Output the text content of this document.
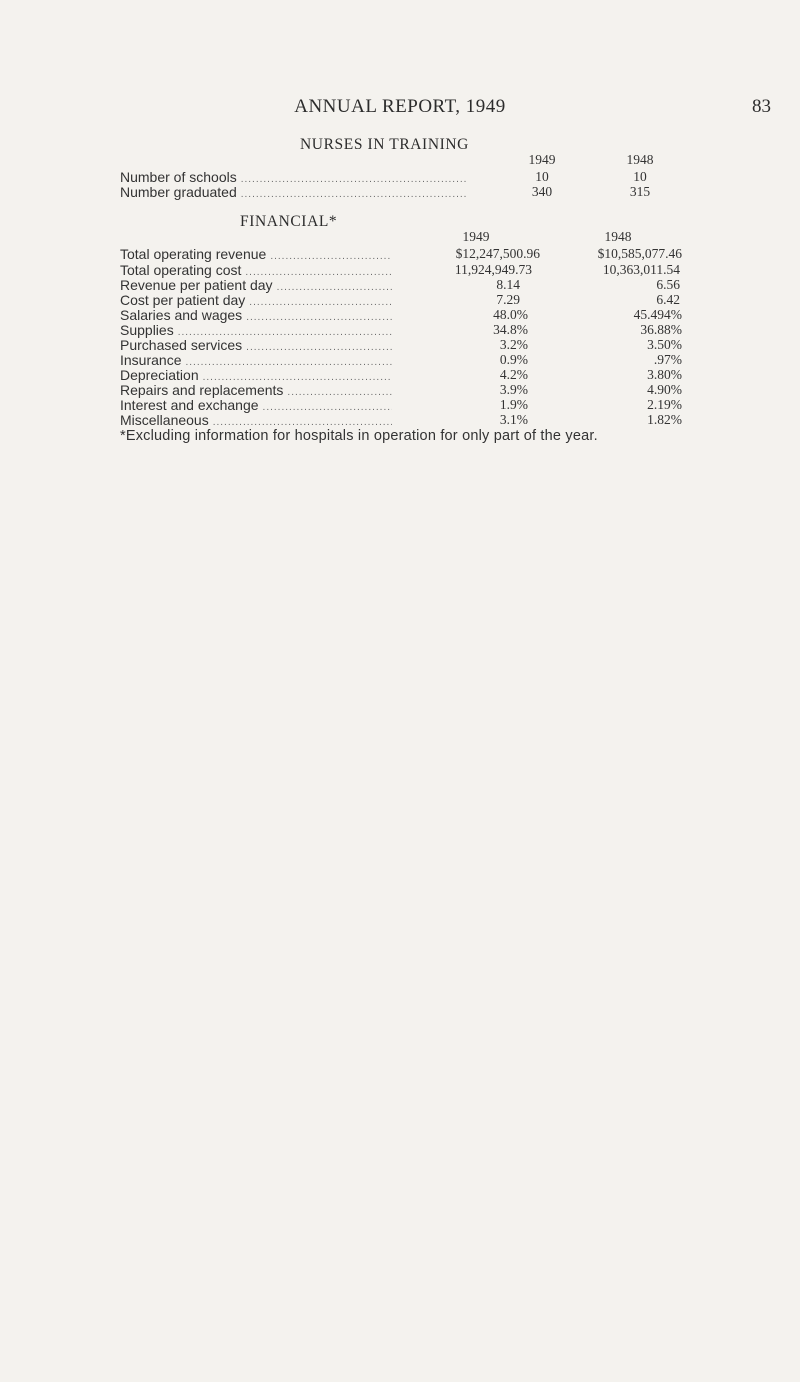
ANNUAL REPORT, 1949	83
NURSES IN TRAINING
1949	1948
Number of schools .....	10	10
Number graduated .....	340	315
FINANCIAL*
1949	1948
Total operating revenue .....	$12,247,500.96	$10,585,077.46
Total operating cost .....	11,924,949.73	10,363,011.54
Revenue per patient day .....	8.14	6.56
Cost per patient day .....	7.29	6.42
Salaries and wages .....	48.0%	45.494%
Supplies .....	34.8%	36.88%
Purchased services .....	3.2%	3.50%
Insurance .....	0.9%	.97%
Depreciation .....	4.2%	3.80%
Repairs and replacements .....	3.9%	4.90%
Interest and exchange .....	1.9%	2.19%
Miscellaneous .....	3.1%	1.82%
*Excluding information for hospitals in operation for only part of the year.
